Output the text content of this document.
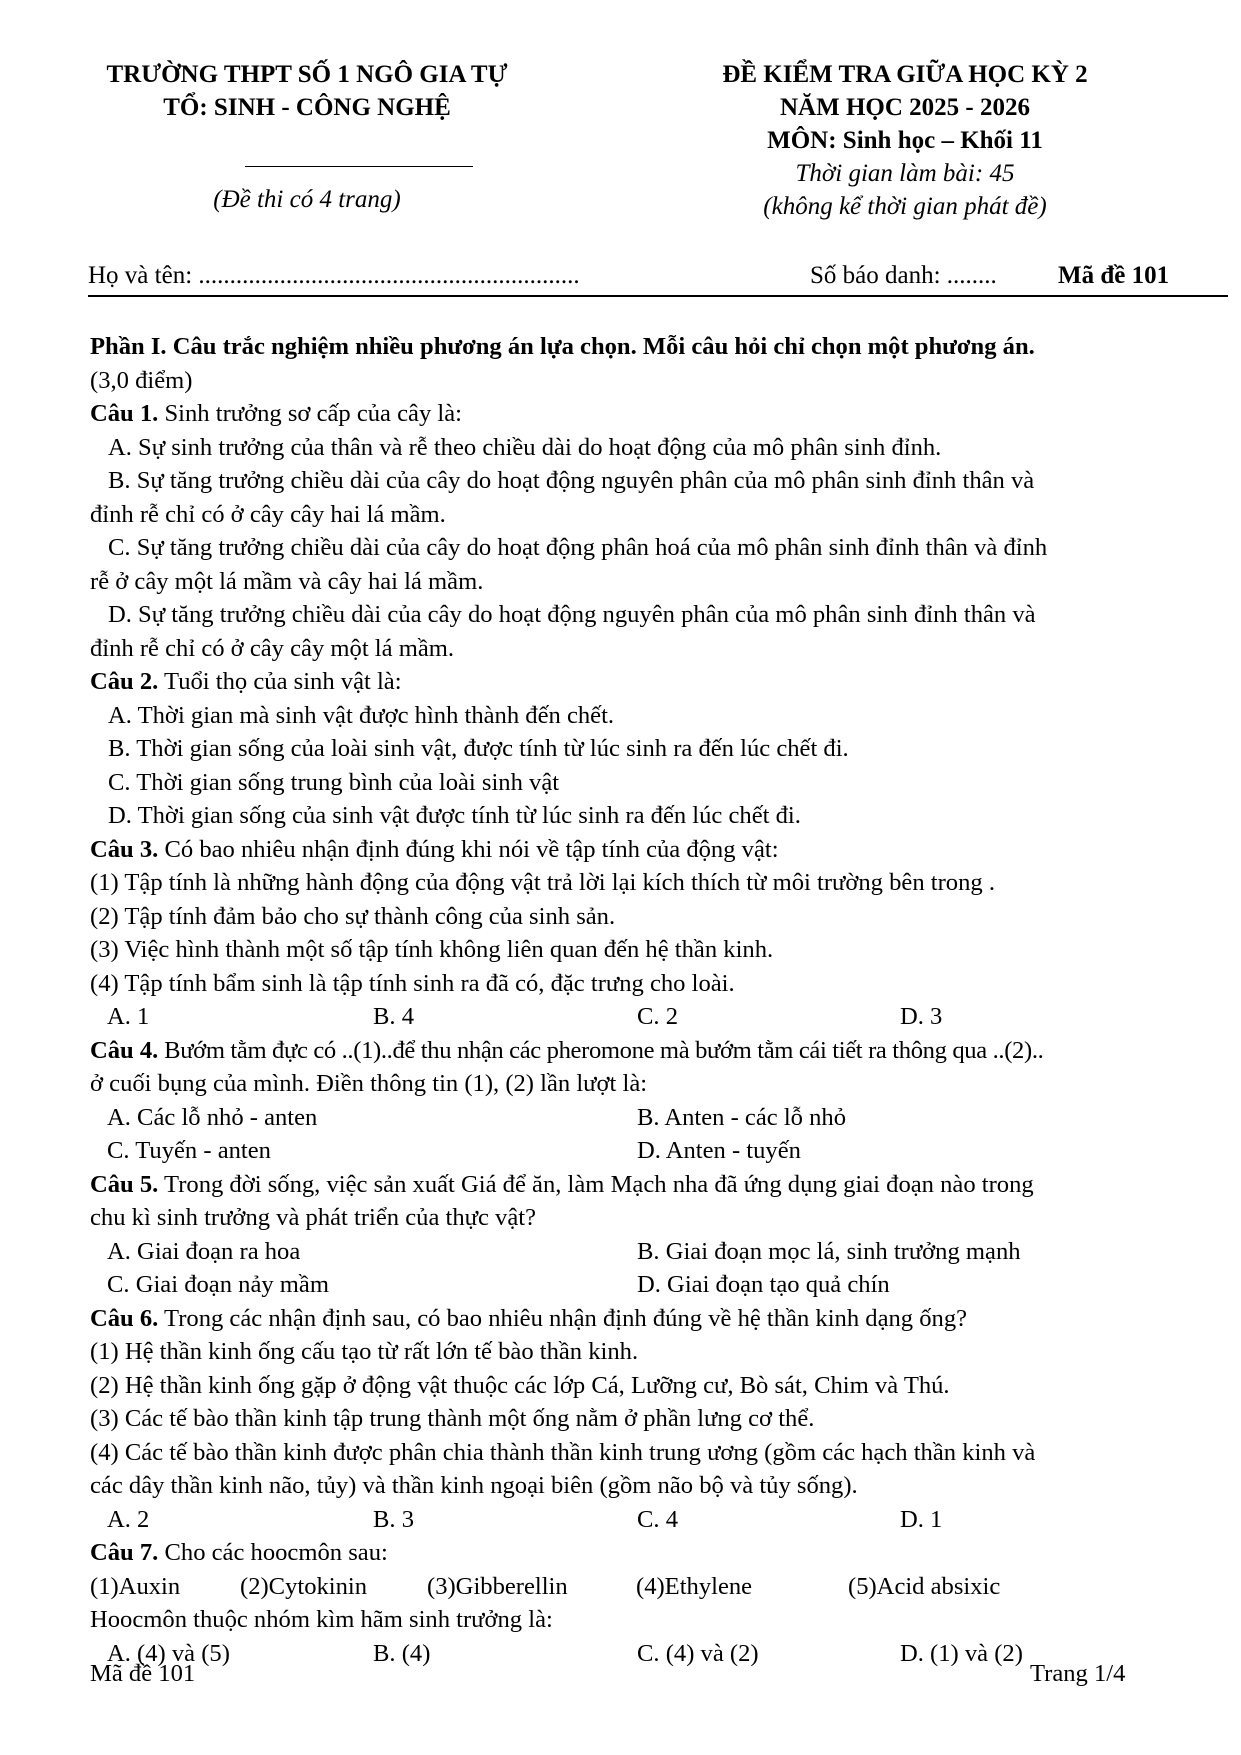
TRƯỜNG THPT SỐ 1 NGÔ GIA TỰ
TỔ: SINH - CÔNG NGHỆ
(Đề thi có 4 trang)
ĐỀ KIỂM TRA GIỮA HỌC KỲ 2
NĂM HỌC 2025 - 2026
MÔN: Sinh học – Khối 11
Thời gian làm bài: 45
(không kể thời gian phát đề)
Họ và tên: .............................................................	Số báo danh: ........ Mã đề 101
Phần I. Câu trắc nghiệm nhiều phương án lựa chọn. Mỗi câu hỏi chỉ chọn một phương án.
(3,0 điểm)
Câu 1. Sinh trưởng sơ cấp của cây là:
A. Sự sinh trưởng của thân và rễ theo chiều dài do hoạt động của mô phân sinh đỉnh.
B. Sự tăng trưởng chiều dài của cây do hoạt động nguyên phân của mô phân sinh đỉnh thân và
đỉnh rễ chỉ có ở cây cây hai lá mầm.
C. Sự tăng trưởng chiều dài của cây do hoạt động phân hoá của mô phân sinh đỉnh thân và đỉnh
rễ ở cây một lá mầm và cây hai lá mầm.
D. Sự tăng trưởng chiều dài của cây do hoạt động nguyên phân của mô phân sinh đỉnh thân và
đỉnh rễ chỉ có ở cây cây một lá mầm.
Câu 2. Tuổi thọ của sinh vật là:
A. Thời gian mà sinh vật được hình thành đến chết.
B. Thời gian sống của loài sinh vật, được tính từ lúc sinh ra đến lúc chết đi.
C. Thời gian sống trung bình của loài sinh vật
D. Thời gian sống của sinh vật được tính từ lúc sinh ra đến lúc chết đi.
Câu 3. Có bao nhiêu nhận định đúng khi nói về tập tính của động vật:
(1) Tập tính là những hành động của động vật trả lời lại kích thích từ môi trường bên trong .
(2) Tập tính đảm bảo cho sự thành công của sinh sản.
(3) Việc hình thành một số tập tính không liên quan đến hệ thần kinh.
(4) Tập tính bẩm sinh là tập tính sinh ra đã có, đặc trưng cho loài.
A. 1	B. 4	C. 2	D. 3
Câu 4. Bướm tằm đực có ..(1)..để thu nhận các pheromone mà bướm tằm cái tiết ra thông qua ..(2)..
ở cuối bụng của mình. Điền thông tin (1), (2) lần lượt là:
A. Các lỗ nhỏ - anten	B. Anten - các lỗ nhỏ
C. Tuyến - anten	D. Anten - tuyến
Câu 5. Trong đời sống, việc sản xuất Giá để ăn, làm Mạch nha đã ứng dụng giai đoạn nào trong
chu kì sinh trưởng và phát triển của thực vật?
A. Giai đoạn ra hoa	B. Giai đoạn mọc lá, sinh trưởng mạnh
C. Giai đoạn nảy mầm	D. Giai đoạn tạo quả chín
Câu 6. Trong các nhận định sau, có bao nhiêu nhận định đúng về hệ thần kinh dạng ống?
(1) Hệ thần kinh ống cấu tạo từ rất lớn tế bào thần kinh.
(2) Hệ thần kinh ống gặp ở động vật thuộc các lớp Cá, Lưỡng cư, Bò sát, Chim và Thú.
(3) Các tế bào thần kinh tập trung thành một ống nằm ở phần lưng cơ thể.
(4) Các tế bào thần kinh được phân chia thành thần kinh trung ương (gồm các hạch thần kinh và
các dây thần kinh não, tủy) và thần kinh ngoại biên (gồm não bộ và tủy sống).
A. 2	B. 3	C. 4	D. 1
Câu 7. Cho các hoocmôn sau:
(1)Auxin (2)Cytokinin (3)Gibberellin	(4)Ethylene	(5)Acid absixic
Hoocmôn thuộc nhóm kìm hãm sinh trưởng là:
A. (4) và (5)	B. (4)	C. (4) và (2)	D. (1) và (2)
Mã đề 101	Trang 1/4
